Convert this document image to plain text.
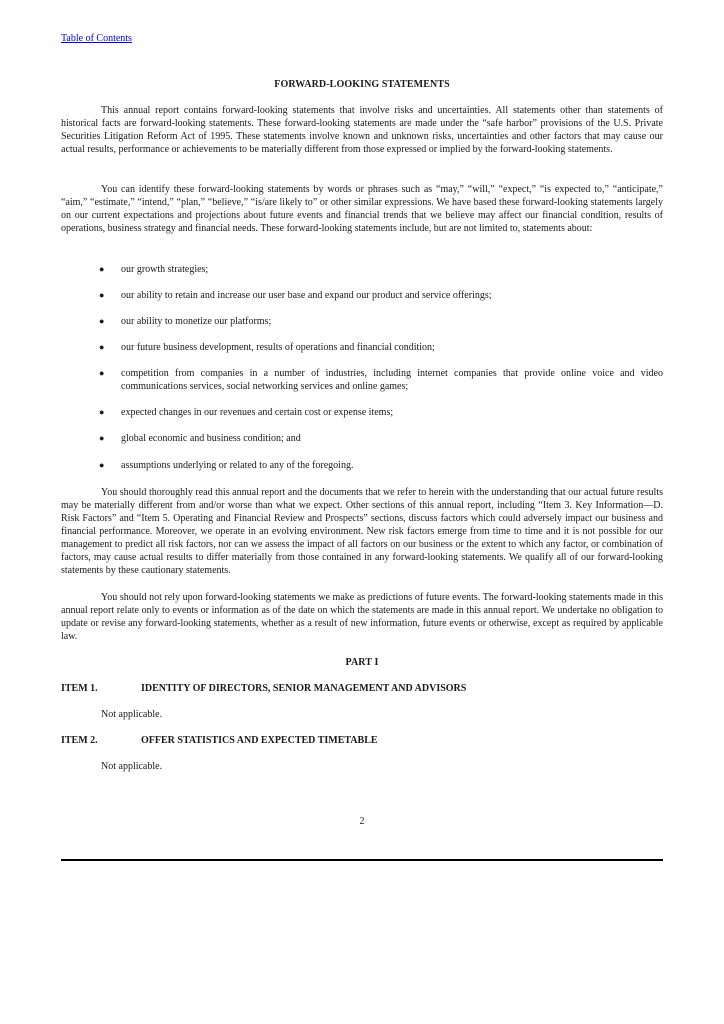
Table of Contents
FORWARD-LOOKING STATEMENTS

This annual report contains forward-looking statements that involve risks and uncertainties. All statements other than statements of historical facts are forward-looking statements. These forward-looking statements are made under the “safe harbor” provisions of the U.S. Private Securities Litigation Reform Act of 1995. These statements involve known and unknown risks, uncertainties and other factors that may cause our actual results, performance or achievements to be materially different from those expressed or implied by the forward-looking statements.

You can identify these forward-looking statements by words or phrases such as “may,” “will,” “expect,” “is expected to,” “anticipate,” “aim,” “estimate,” “intend,” “plan,” “believe,” “is/are likely to” or other similar expressions. We have based these forward-looking statements largely on our current expectations and projections about future events and financial trends that we believe may affect our financial condition, results of operations, business strategy and financial needs. These forward-looking statements include, but are not limited to, statements about:

● our growth strategies;
● our ability to retain and increase our user base and expand our product and service offerings;
● our ability to monetize our platforms;
● our future business development, results of operations and financial condition;
● competition from companies in a number of industries, including internet companies that provide online voice and video communications services, social networking services and online games;
● expected changes in our revenues and certain cost or expense items;
● global economic and business condition; and
● assumptions underlying or related to any of the foregoing.

You should thoroughly read this annual report and the documents that we refer to herein with the understanding that our actual future results may be materially different from and/or worse than what we expect. Other sections of this annual report, including “Item 3. Key Information—D. Risk Factors” and “Item 5. Operating and Financial Review and Prospects” sections, discuss factors which could adversely impact our business and financial performance. Moreover, we operate in an evolving environment. New risk factors emerge from time to time and it is not possible for our management to predict all risk factors, nor can we assess the impact of all factors on our business or the extent to which any factor, or combination of factors, may cause actual results to differ materially from those contained in any forward-looking statements. We qualify all of our forward-looking statements by these cautionary statements.

You should not rely upon forward-looking statements we make as predictions of future events. The forward-looking statements made in this annual report relate only to events or information as of the date on which the statements are made in this annual report. We undertake no obligation to update or revise any forward-looking statements, whether as a result of new information, future events or otherwise, except as required by applicable law.

PART I
ITEM 1.	IDENTITY OF DIRECTORS, SENIOR MANAGEMENT AND ADVISORS
Not applicable.
ITEM 2.	OFFER STATISTICS AND EXPECTED TIMETABLE
Not applicable.
2
